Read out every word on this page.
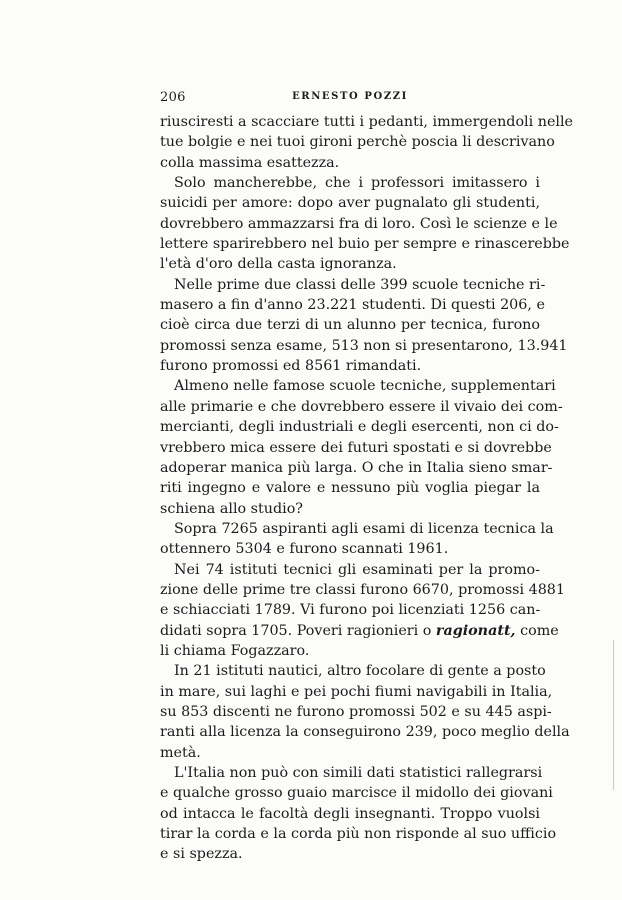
206	ERNESTO POZZI
riusciresti a scacciare tutti i pedanti, immergendoli nelle
tue bolgie e nei tuoi gironi perchè poscia li descrivano
colla massima esattezza.
Solo mancherebbe, che i professori imitassero i
suicidi per amore: dopo aver pugnalato gli studenti,
dovrebbero ammazzarsi fra di loro. Così le scienze e le
lettere sparirebbero nel buio per sempre e rinascerebbe
l'età d'oro della casta ignoranza.
Nelle prime due classi delle 399 scuole tecniche ri-
masero a fin d'anno 23.221 studenti. Di questi 206, e
cioè circa due terzi di un alunno per tecnica, furono
promossi senza esame, 513 non si presentarono, 13.941
furono promossi ed 8561 rimandati.
Almeno nelle famose scuole tecniche, supplementari
alle primarie e che dovrebbero essere il vivaio dei com-
mercianti, degli industriali e degli esercenti, non ci do-
vrebbero mica essere dei futuri spostati e si dovrebbe
adoperar manica più larga. O che in Italia sieno smar-
riti ingegno e valore e nessuno più voglia piegar la
schiena allo studio?
Sopra 7265 aspiranti agli esami di licenza tecnica la
ottennero 5304 e furono scannati 1961.
Nei 74 istituti tecnici gli esaminati per la promo-
zione delle prime tre classi furono 6670, promossi 4881
e schiacciati 1789. Vi furono poi licenziati 1256 can-
didati sopra 1705. Poveri ragionieri o ragionatt, come
li chiama Fogazzaro.
In 21 istituti nautici, altro focolare di gente a posto
in mare, sui laghi e pei pochi fiumi navigabili in Italia,
su 853 discenti ne furono promossi 502 e su 445 aspi-
ranti alla licenza la conseguirono 239, poco meglio della
metà.
L'Italia non può con simili dati statistici rallegrarsi
e qualche grosso guaio marcisce il midollo dei giovani
od intacca le facoltà degli insegnanti. Troppo vuolsi
tirar la corda e la corda più non risponde al suo ufficio
e si spezza.
